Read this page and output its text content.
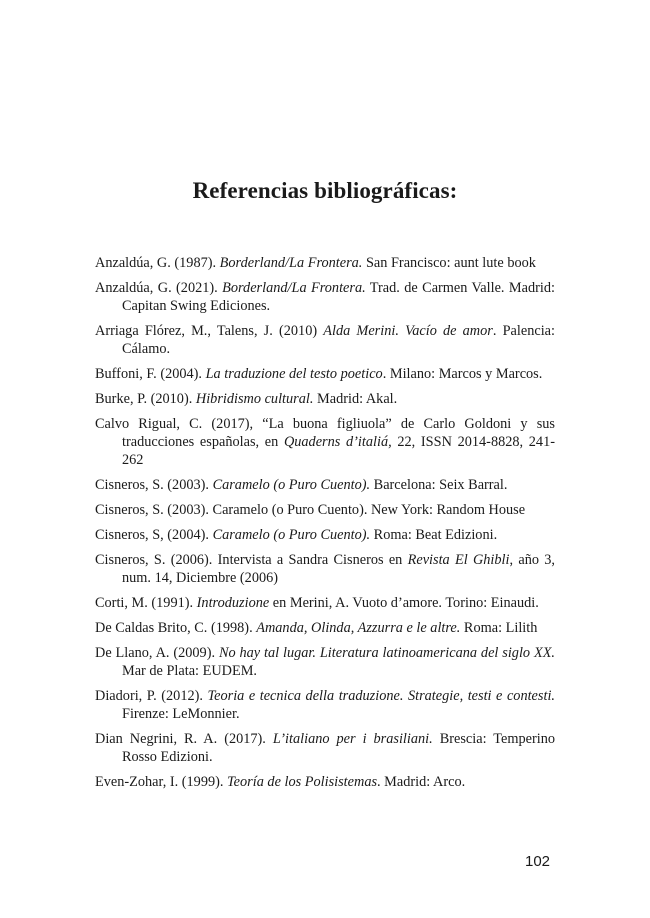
Referencias bibliográficas:
Anzaldúa, G. (1987). Borderland/La Frontera. San Francisco: aunt lute book
Anzaldúa, G. (2021). Borderland/La Frontera. Trad. de Carmen Valle. Madrid: Capitan Swing Ediciones.
Arriaga Flórez, M., Talens, J. (2010) Alda Merini. Vacío de amor. Palencia: Cálamo.
Buffoni, F. (2004). La traduzione del testo poetico. Milano: Marcos y Marcos.
Burke, P. (2010). Hibridismo cultural. Madrid: Akal.
Calvo Rigual, C. (2017), “La buona figliuola” de Carlo Goldoni y sus traducciones españolas, en Quaderns d’italiá, 22, ISSN 2014-8828, 241-262
Cisneros, S. (2003). Caramelo (o Puro Cuento). Barcelona: Seix Barral.
Cisneros, S. (2003). Caramelo (o Puro Cuento). New York: Random House
Cisneros, S, (2004). Caramelo (o Puro Cuento). Roma: Beat Edizioni.
Cisneros, S. (2006). Intervista a Sandra Cisneros en Revista El Ghibli, año 3, num. 14, Diciembre (2006)
Corti, M. (1991). Introduzione en Merini, A. Vuoto d’amore. Torino: Einaudi.
De Caldas Brito, C. (1998). Amanda, Olinda, Azzurra e le altre. Roma: Lilith
De Llano, A. (2009). No hay tal lugar. Literatura latinoamericana del siglo XX. Mar de Plata: EUDEM.
Diadori, P. (2012). Teoria e tecnica della traduzione. Strategie, testi e contesti. Firenze: LeMonnier.
Dian Negrini, R. A. (2017). L’italiano per i brasiliani. Brescia: Temperino Rosso Edizioni.
Even-Zohar, I. (1999). Teoría de los Polisistemas. Madrid: Arco.

102
